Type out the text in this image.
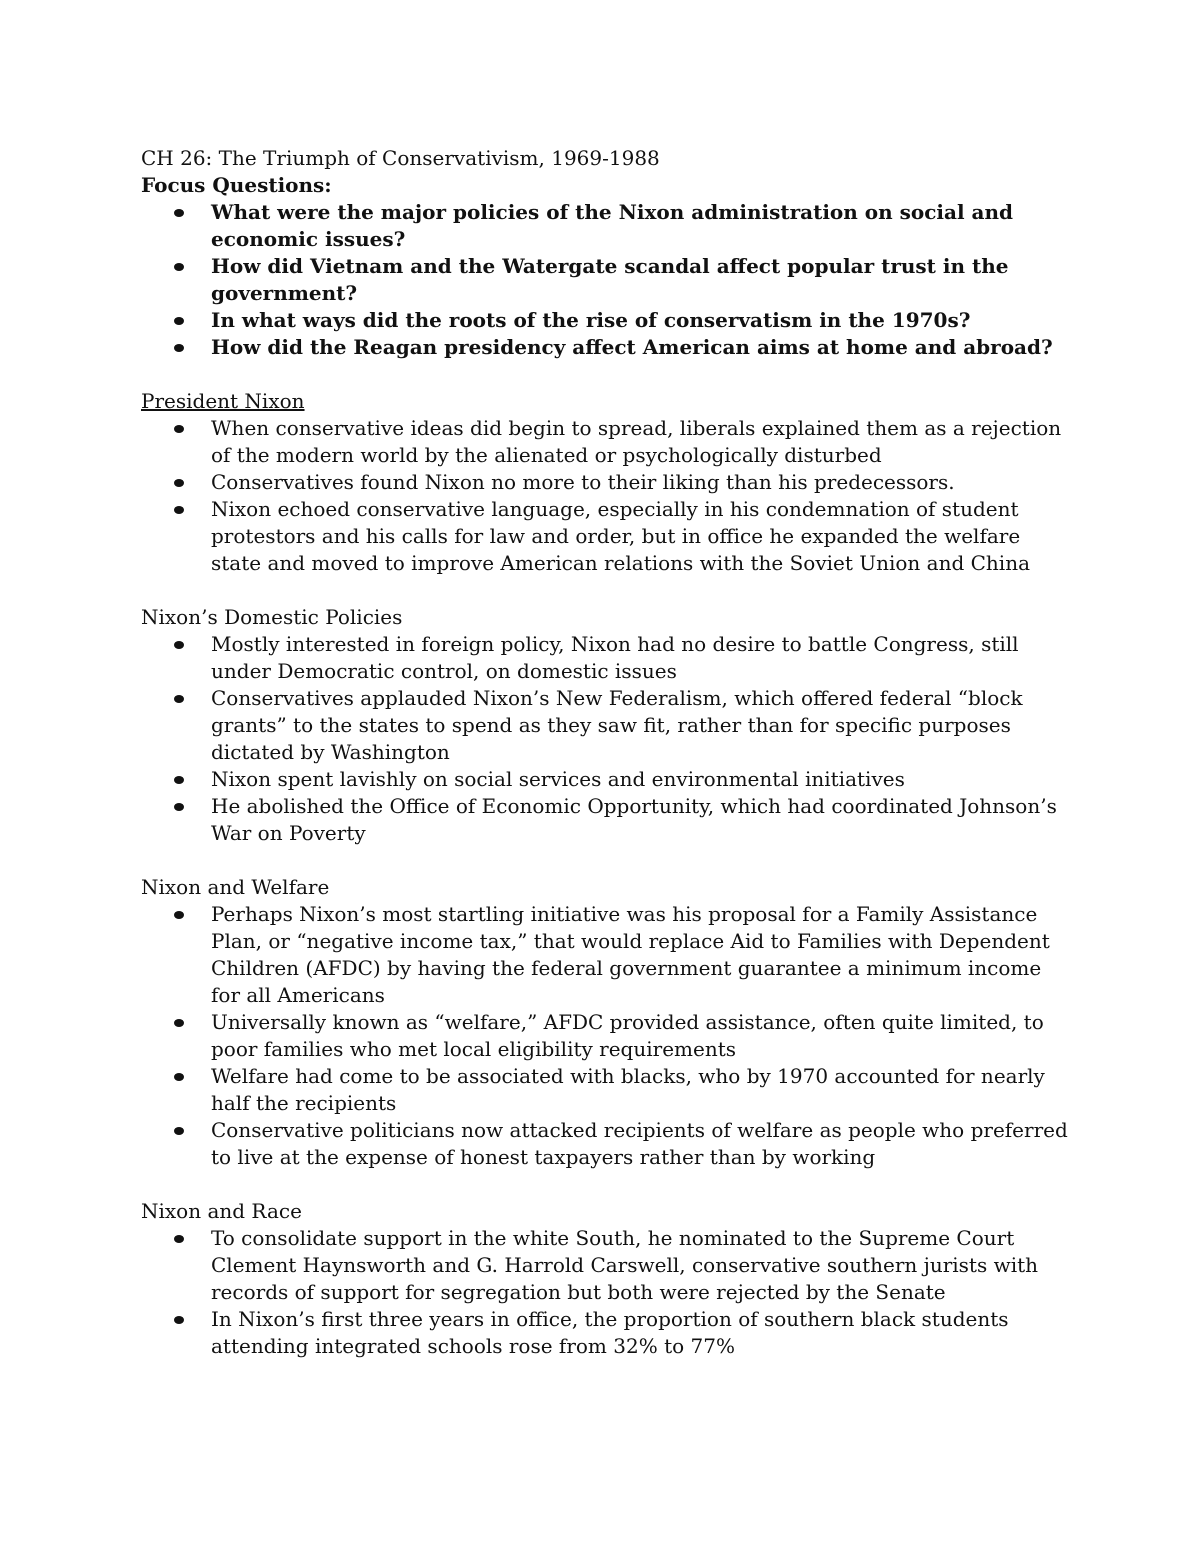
CH 26: The Triumph of Conservativism, 1969-1988

Focus Questions:

What were the major policies of the Nixon administration on social and economic issues?
How did Vietnam and the Watergate scandal affect popular trust in the government?
In what ways did the roots of the rise of conservatism in the 1970s?
How did the Reagan presidency affect American aims at home and abroad?

President Nixon

When conservative ideas did begin to spread, liberals explained them as a rejection of the modern world by the alienated or psychologically disturbed
Conservatives found Nixon no more to their liking than his predecessors.
Nixon echoed conservative language, especially in his condemnation of student protestors and his calls for law and order, but in office he expanded the welfare state and moved to improve American relations with the Soviet Union and China

Nixon’s Domestic Policies

Mostly interested in foreign policy, Nixon had no desire to battle Congress, still under Democratic control, on domestic issues
Conservatives applauded Nixon’s New Federalism, which offered federal “block grants” to the states to spend as they saw fit, rather than for specific purposes dictated by Washington
Nixon spent lavishly on social services and environmental initiatives
He abolished the Office of Economic Opportunity, which had coordinated Johnson’s War on Poverty

Nixon and Welfare

Perhaps Nixon’s most startling initiative was his proposal for a Family Assistance Plan, or “negative income tax,” that would replace Aid to Families with Dependent Children (AFDC) by having the federal government guarantee a minimum income for all Americans
Universally known as “welfare,” AFDC provided assistance, often quite limited, to poor families who met local eligibility requirements
Welfare had come to be associated with blacks, who by 1970 accounted for nearly half the recipients
Conservative politicians now attacked recipients of welfare as people who preferred to live at the expense of honest taxpayers rather than by working

Nixon and Race

To consolidate support in the white South, he nominated to the Supreme Court Clement Haynsworth and G. Harrold Carswell, conservative southern jurists with records of support for segregation but both were rejected by the Senate
In Nixon’s first three years in office, the proportion of southern black students attending integrated schools rose from 32% to 77%
